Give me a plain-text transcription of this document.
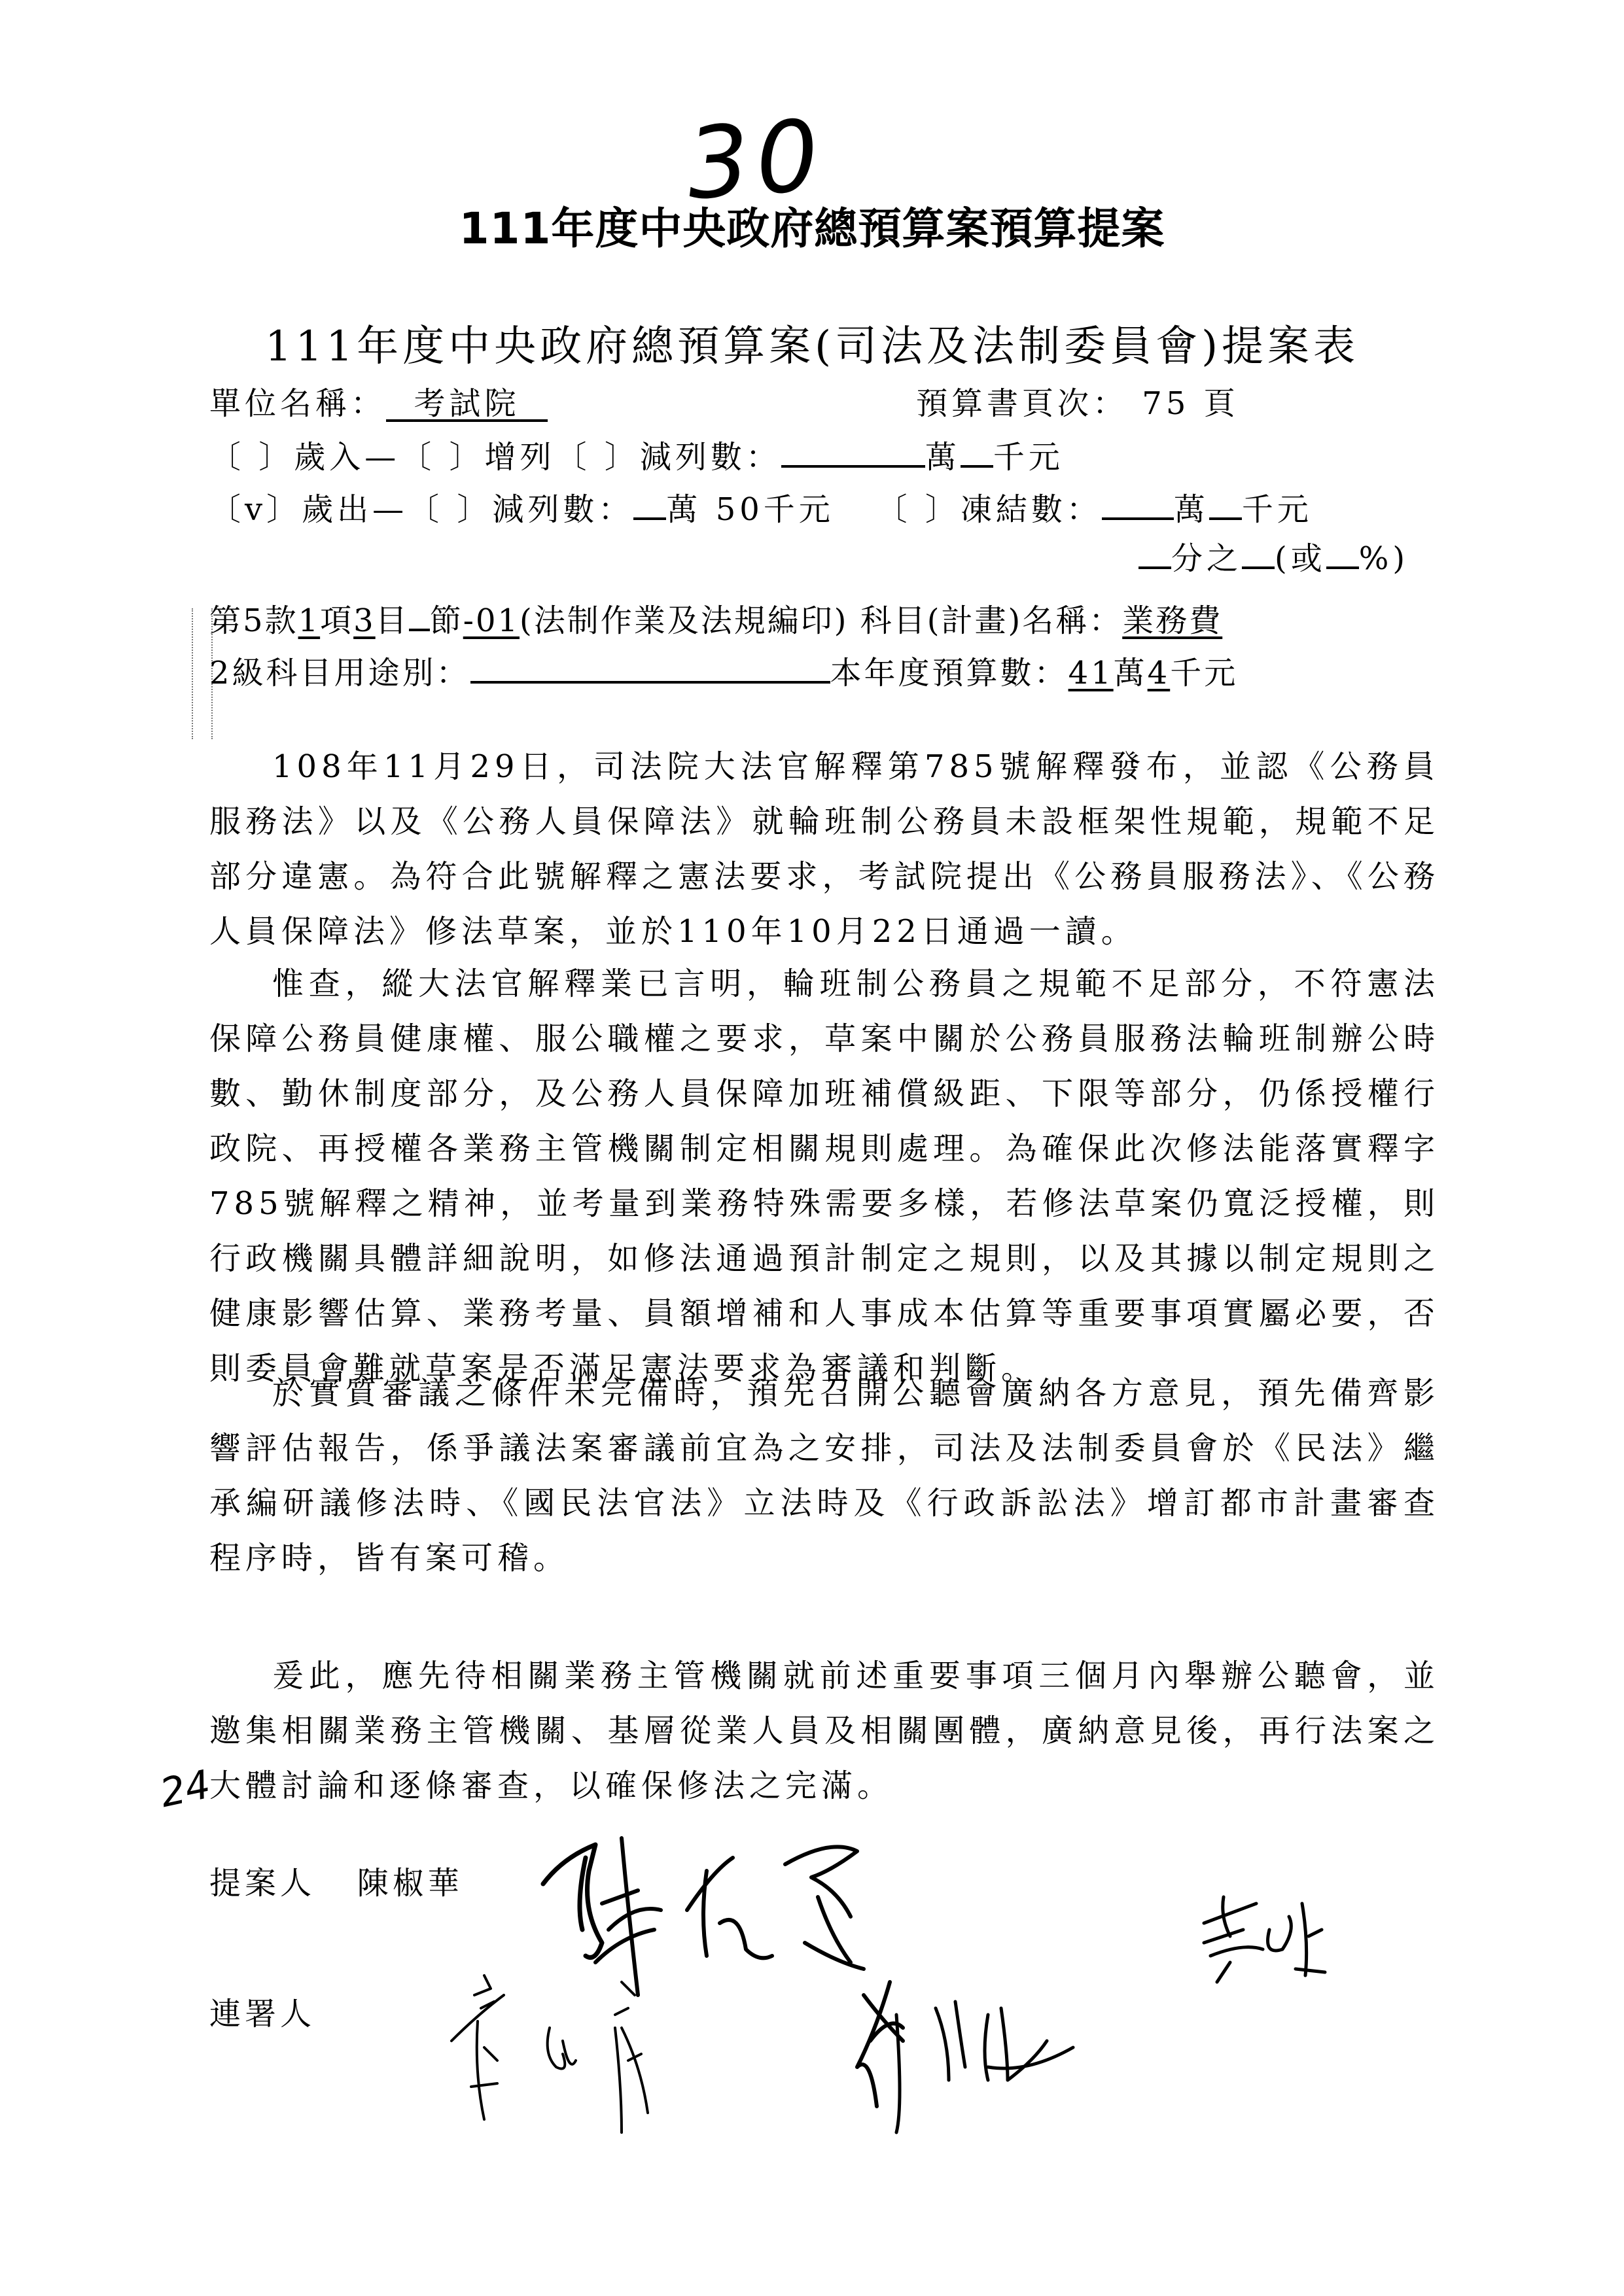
30
111年度中央政府總預算案預算提案
111年度中央政府總預算案(司法及法制委員會)提案表
單位名稱： 考試院	預算書頁次： 75 頁
〔 〕歲入—〔 〕增列〔 〕減列數：	萬 千元
〔v〕歲出—〔 〕減列數： 萬 50千元 〔 〕凍結數： 萬 千元
分之 (或 %)
第5款1項3目 節-01(法制作業及法規編印) 科目(計畫)名稱：業務費
2級科目用途別：	本年度預算數：41萬4千元

108年11月29日，司法院大法官解釋第785號解釋發布，並認《公務員服務法》以及《公務人員保障法》就輪班制公務員未設框架性規範，規範不足部分違憲。為符合此號解釋之憲法要求，考試院提出《公務員服務法》、《公務人員保障法》修法草案，並於110年10月22日通過一讀。

惟查，縱大法官解釋業已言明，輪班制公務員之規範不足部分，不符憲法保障公務員健康權、服公職權之要求，草案中關於公務員服務法輪班制辦公時數、勤休制度部分，及公務人員保障加班補償級距、下限等部分，仍係授權行政院、再授權各業務主管機關制定相關規則處理。為確保此次修法能落實釋字785號解釋之精神，並考量到業務特殊需要多樣，若修法草案仍寬泛授權，則行政機關具體詳細說明，如修法通過預計制定之規則，以及其據以制定規則之健康影響估算、業務考量、員額增補和人事成本估算等重要事項實屬必要，否則委員會難就草案是否滿足憲法要求為審議和判斷。

於實質審議之條件未完備時，預先召開公聽會廣納各方意見，預先備齊影響評估報告，係爭議法案審議前宜為之安排，司法及法制委員會於《民法》繼承編研議修法時、《國民法官法》立法時及《行政訴訟法》增訂都市計畫審查程序時，皆有案可稽。

爰此，應先待相關業務主管機關就前述重要事項三個月內舉辦公聽會，並邀集相關業務主管機關、基層從業人員及相關團體，廣納意見後，再行法案之大體討論和逐條審查，以確保修法之完滿。

24
提案人 陳椒華
連署人
